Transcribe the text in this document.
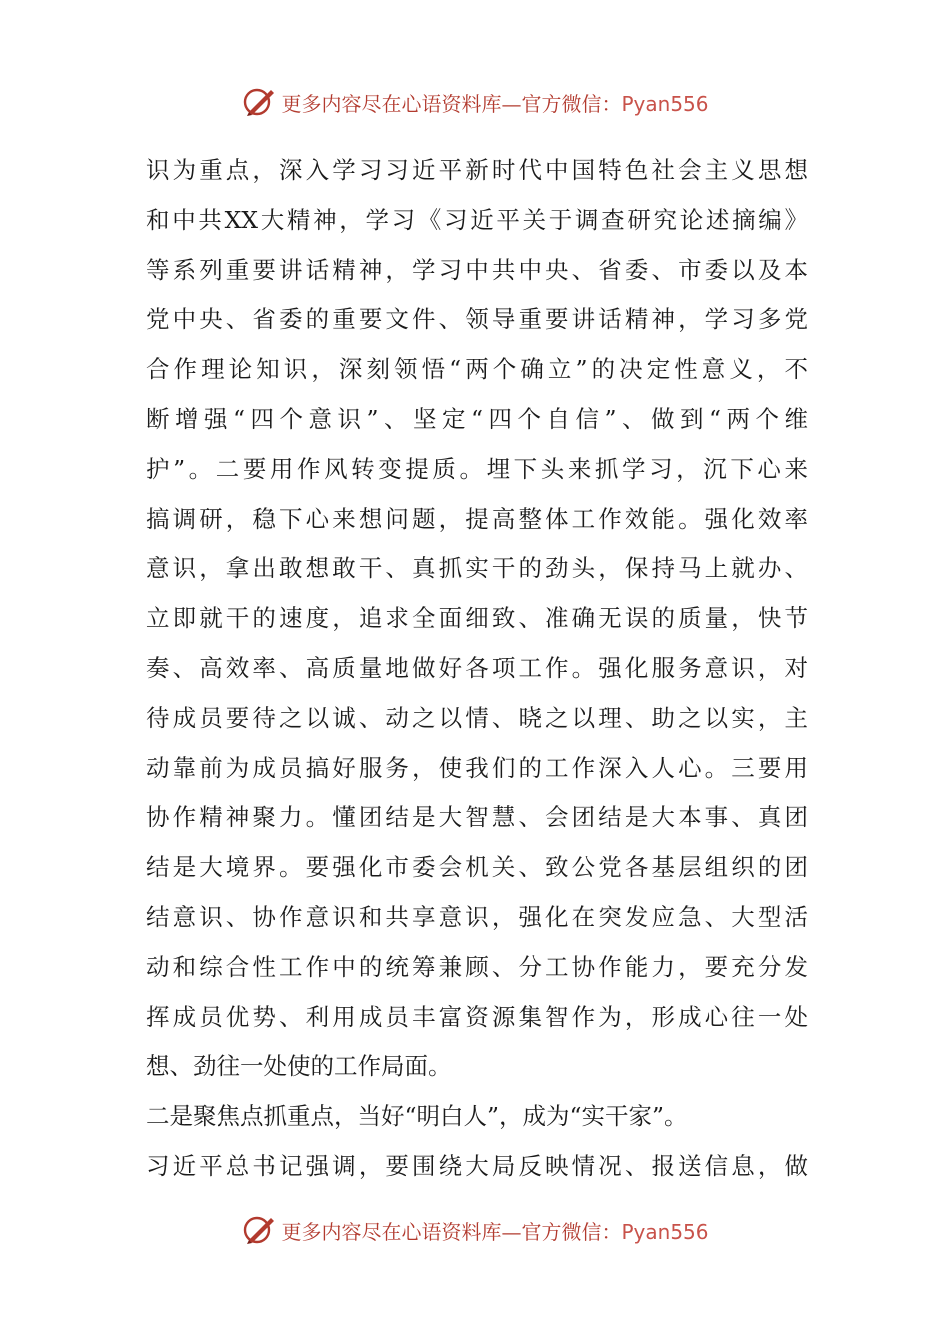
更多内容尽在心语资料库—官方微信：Pyan556
识为重点，深入学习习近平新时代中国特色社会主义思想
和中共XX大精神，学习《习近平关于调查研究论述摘编》
等系列重要讲话精神，学习中共中央、省委、市委以及本
党中央、省委的重要文件、领导重要讲话精神，学习多党
合作理论知识，深刻领悟“两个确立”的决定性意义，不
断增强“四个意识”、坚定“四个自信”、做到“两个维
护”。二要用作风转变提质。埋下头来抓学习，沉下心来
搞调研，稳下心来想问题，提高整体工作效能。强化效率
意识，拿出敢想敢干、真抓实干的劲头，保持马上就办、
立即就干的速度，追求全面细致、准确无误的质量，快节
奏、高效率、高质量地做好各项工作。强化服务意识，对
待成员要待之以诚、动之以情、晓之以理、助之以实，主
动靠前为成员搞好服务，使我们的工作深入人心。三要用
协作精神聚力。懂团结是大智慧、会团结是大本事、真团
结是大境界。要强化市委会机关、致公党各基层组织的团
结意识、协作意识和共享意识，强化在突发应急、大型活
动和综合性工作中的统筹兼顾、分工协作能力，要充分发
挥成员优势、利用成员丰富资源集智作为，形成心往一处
想、劲往一处使的工作局面。
二是聚焦点抓重点，当好“明白人”，成为“实干家”。
习近平总书记强调，要围绕大局反映情况、报送信息，做
更多内容尽在心语资料库—官方微信：Pyan556
